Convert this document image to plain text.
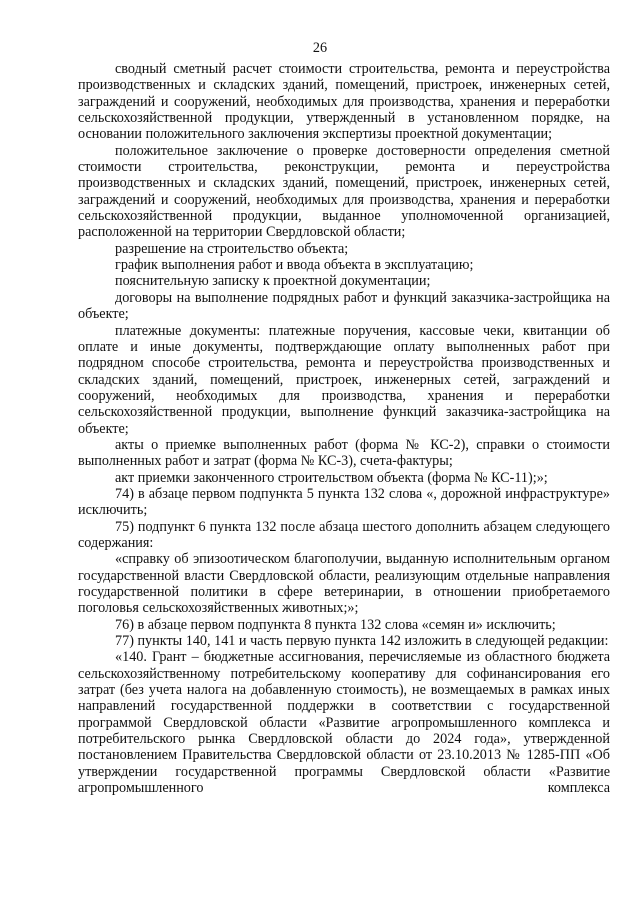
26

сводный сметный расчет стоимости строительства, ремонта и переустройства производственных и складских зданий, помещений, пристроек, инженерных сетей, заграждений и сооружений, необходимых для производства, хранения и переработки сельскохозяйственной продукции, утвержденный в установленном порядке, на основании положительного заключения экспертизы проектной документации;

положительное заключение о проверке достоверности определения сметной стоимости строительства, реконструкции, ремонта и переустройства производственных и складских зданий, помещений, пристроек, инженерных сетей, заграждений и сооружений, необходимых для производства, хранения и переработки сельскохозяйственной продукции, выданное уполномоченной организацией, расположенной на территории Свердловской области;

разрешение на строительство объекта;

график выполнения работ и ввода объекта в эксплуатацию;

пояснительную записку к проектной документации;

договоры на выполнение подрядных работ и функций заказчика-застройщика на объекте;

платежные документы: платежные поручения, кассовые чеки, квитанции об оплате и иные документы, подтверждающие оплату выполненных работ при подрядном способе строительства, ремонта и переустройства производственных и складских зданий, помещений, пристроек, инженерных сетей, заграждений и сооружений, необходимых для производства, хранения и переработки сельскохозяйственной продукции, выполнение функций заказчика-застройщика на объекте;

акты о приемке выполненных работ (форма № КС-2), справки о стоимости выполненных работ и затрат (форма № КС-3), счета-фактуры;

акт приемки законченного строительством объекта (форма № КС-11);»;

74) в абзаце первом подпункта 5 пункта 132 слова «, дорожной инфраструктуре» исключить;

75) подпункт 6 пункта 132 после абзаца шестого дополнить абзацем следующего содержания:

«справку об эпизоотическом благополучии, выданную исполнительным органом государственной власти Свердловской области, реализующим отдельные направления государственной политики в сфере ветеринарии, в отношении приобретаемого поголовья сельскохозяйственных животных;»;

76) в абзаце первом подпункта 8 пункта 132 слова «семян и» исключить;

77) пункты 140, 141 и часть первую пункта 142 изложить в следующей редакции:

«140. Грант – бюджетные ассигнования, перечисляемые из областного бюджета сельскохозяйственному потребительскому кооперативу для софинансирования его затрат (без учета налога на добавленную стоимость), не возмещаемых в рамках иных направлений государственной поддержки в соответствии с государственной программой Свердловской области «Развитие агропромышленного комплекса и потребительского рынка Свердловской области до 2024 года», утвержденной постановлением Правительства Свердловской области от 23.10.2013 № 1285-ПП «Об утверждении государственной программы Свердловской области «Развитие агропромышленного комплекса
